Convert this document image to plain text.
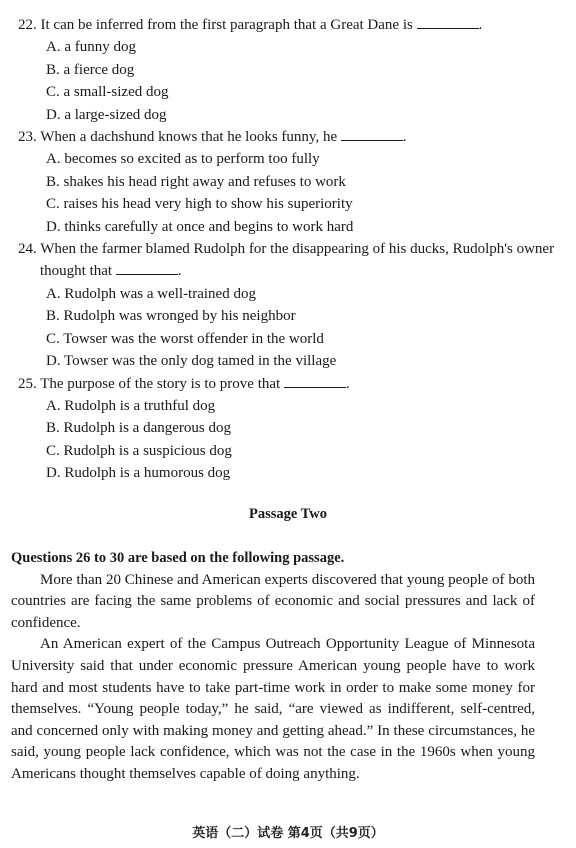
22. It can be inferred from the first paragraph that a Great Dane is	.
A. a funny dog
B. a fierce dog
C. a small-sized dog
D. a large-sized dog
23. When a dachshund knows that he looks funny, he	.
A. becomes so excited as to perform too fully
B. shakes his head right away and refuses to work
C. raises his head very high to show his superiority
D. thinks carefully at once and begins to work hard
24. When the farmer blamed Rudolph for the disappearing of his ducks, Rudolph's owner thought that	.
A. Rudolph was a well-trained dog
B. Rudolph was wronged by his neighbor
C. Towser was the worst offender in the world
D. Towser was the only dog tamed in the village
25. The purpose of the story is to prove that	.
A. Rudolph is a truthful dog
B. Rudolph is a dangerous dog
C. Rudolph is a suspicious dog
D. Rudolph is a humorous dog
Passage Two
Questions 26 to 30 are based on the following passage.

More than 20 Chinese and American experts discovered that young people of both countries are facing the same problems of economic and social pressures and lack of confidence.

An American expert of the Campus Outreach Opportunity League of Minnesota University said that under economic pressure American young people have to work hard and most students have to take part-time work in order to make some money for themselves. “Young people today,” he said, “are viewed as indifferent, self-centred, and concerned only with making money and getting ahead.” In these circumstances, he said, young people lack confidence, which was not the case in the 1960s when young Americans thought themselves capable of doing anything.

英语（二）试卷 第4页（共9页）
